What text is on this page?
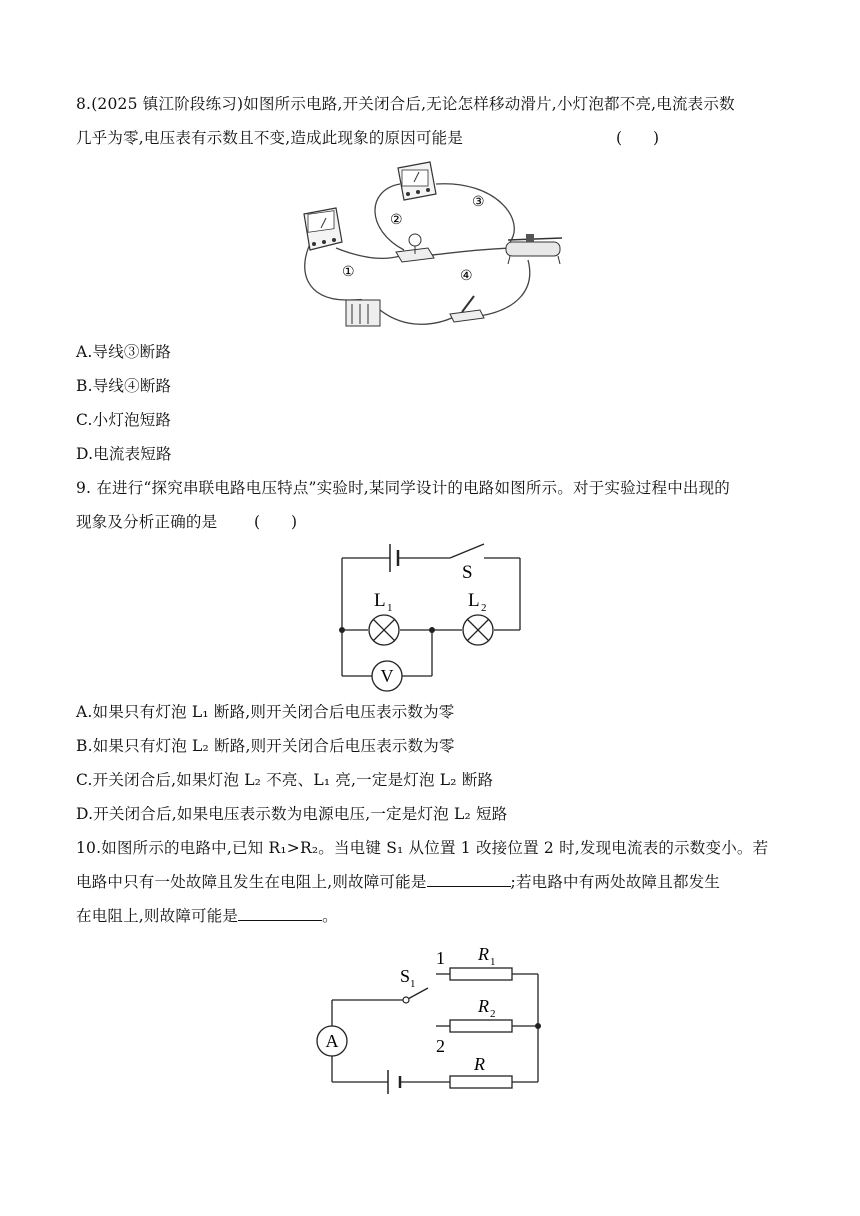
8.(2025 镇江阶段练习)如图所示电路,开关闭合后,无论怎样移动滑片,小灯泡都不亮,电流表示数
几乎为零,电压表有示数且不变,造成此现象的原因可能是	(　　)
①
②
③
④
A.导线③断路
B.导线④断路
C.小灯泡短路
D.电流表短路
9. 在进行“探究串联电路电压特点”实验时,某同学设计的电路如图所示。对于实验过程中出现的
现象及分析正确的是 (　　)
V
S
L 1	L 2
A.如果只有灯泡 L₁ 断路,则开关闭合后电压表示数为零
B.如果只有灯泡 L₂ 断路,则开关闭合后电压表示数为零
C.开关闭合后,如果灯泡 L₂ 不亮、L₁ 亮,一定是灯泡 L₂ 断路
D.开关闭合后,如果电压表示数为电源电压,一定是灯泡 L₂ 短路
10.如图所示的电路中,已知 R₁>R₂。当电键 S₁ 从位置 1 改接位置 2 时,发现电流表的示数变小。若
电路中只有一处故障且发生在电阻上,则故障可能是	;若电路中有两处故障且都发生
在电阻上,则故障可能是	。
A
1
2
S 1
R 1
R 2
R
